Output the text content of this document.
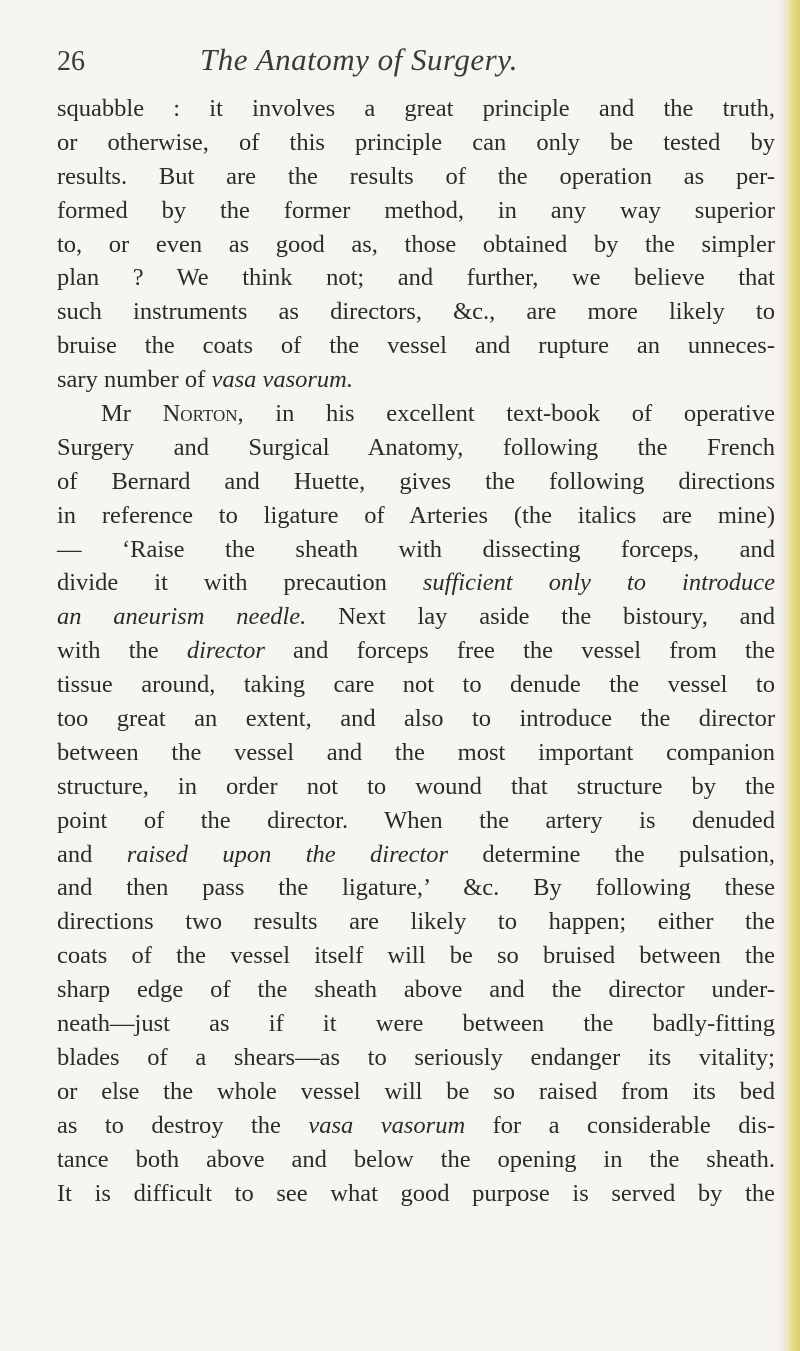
26	The Anatomy of Surgery.
squabble : it involves a great principle and the truth,
or otherwise, of this principle can only be tested by
results. But are the results of the operation as per-
formed by the former method, in any way superior
to, or even as good as, those obtained by the simpler
plan ? We think not; and further, we believe that
such instruments as directors, &c., are more likely to
bruise the coats of the vessel and rupture an unneces-
sary number of vasa vasorum.
Mr Norton, in his excellent text-book of operative
Surgery and Surgical Anatomy, following the French
of Bernard and Huette, gives the following directions
in reference to ligature of Arteries (the italics are mine)
— ‘Raise the sheath with dissecting forceps, and
divide it with precaution sufficient only to introduce
an aneurism needle. Next lay aside the bistoury, and
with the director and forceps free the vessel from the
tissue around, taking care not to denude the vessel to
too great an extent, and also to introduce the director
between the vessel and the most important companion
structure, in order not to wound that structure by the
point of the director. When the artery is denuded
and raised upon the director determine the pulsation,
and then pass the ligature,’ &c. By following these
directions two results are likely to happen; either the
coats of the vessel itself will be so bruised between the
sharp edge of the sheath above and the director under-
neath—just as if it were between the badly-fitting
blades of a shears—as to seriously endanger its vitality;
or else the whole vessel will be so raised from its bed
as to destroy the vasa vasorum for a considerable dis-
tance both above and below the opening in the sheath.
It is difficult to see what good purpose is served by the
